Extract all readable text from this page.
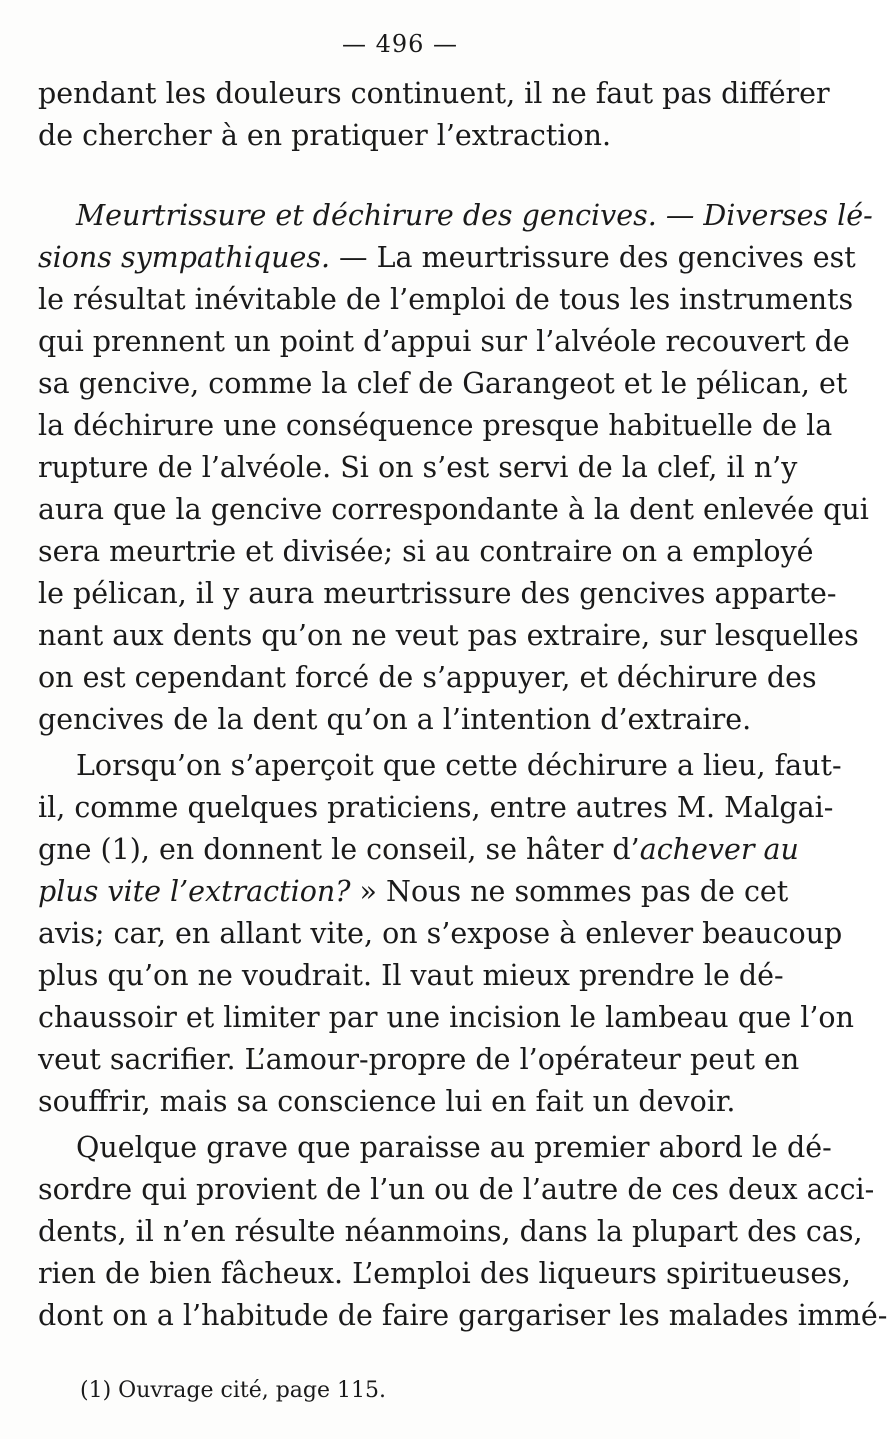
— 496 —
pendant les douleurs continuent, il ne faut pas différer
de chercher à en pratiquer l’extraction.
Meurtrissure et déchirure des gencives. — Diverses lé-
sions sympathiques. — La meurtrissure des gencives est
le résultat inévitable de l’emploi de tous les instruments
qui prennent un point d’appui sur l’alvéole recouvert de
sa gencive, comme la clef de Garangeot et le pélican, et
la déchirure une conséquence presque habituelle de la
rupture de l’alvéole. Si on s’est servi de la clef, il n’y
aura que la gencive correspondante à la dent enlevée qui
sera meurtrie et divisée; si au contraire on a employé
le pélican, il y aura meurtrissure des gencives apparte-
nant aux dents qu’on ne veut pas extraire, sur lesquelles
on est cependant forcé de s’appuyer, et déchirure des
gencives de la dent qu’on a l’intention d’extraire.
Lorsqu’on s’aperçoit que cette déchirure a lieu, faut-
il, comme quelques praticiens, entre autres M. Malgai-
gne (1), en donnent le conseil, se hâter d’achever au
plus vite l’extraction? » Nous ne sommes pas de cet
avis; car, en allant vite, on s’expose à enlever beaucoup
plus qu’on ne voudrait. Il vaut mieux prendre le dé-
chaussoir et limiter par une incision le lambeau que l’on
veut sacrifier. L’amour-propre de l’opérateur peut en
souffrir, mais sa conscience lui en fait un devoir.
Quelque grave que paraisse au premier abord le dé-
sordre qui provient de l’un ou de l’autre de ces deux acci-
dents, il n’en résulte néanmoins, dans la plupart des cas,
rien de bien fâcheux. L’emploi des liqueurs spiritueuses,
dont on a l’habitude de faire gargariser les malades immé-
(1) Ouvrage cité, page 115.
